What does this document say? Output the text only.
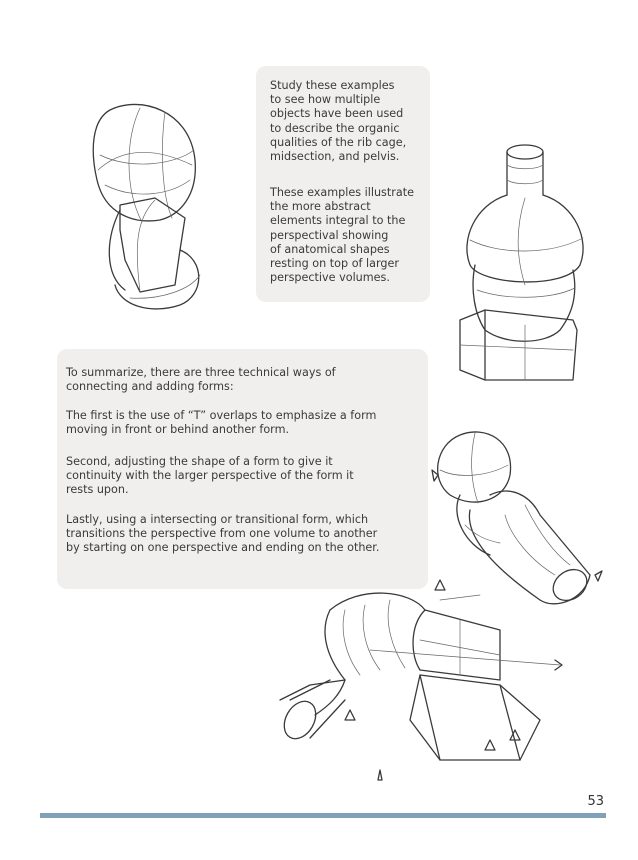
Study these examples
to see how multiple
objects have been used
to describe the organic
qualities of the rib cage,
midsection, and pelvis.
These examples illustrate
the more abstract
elements integral to the
perspectival showing
of anatomical shapes
resting on top of larger
perspective volumes.
To summarize, there are three technical ways of
connecting and adding forms:
The first is the use of “T” overlaps to emphasize a form
moving in front or behind another form.
Second, adjusting the shape of a form to give it
continuity with the larger perspective of the form it
rests upon.
Lastly, using a intersecting or transitional form, which
transitions the perspective from one volume to another
by starting on one perspective and ending on the other.
53
